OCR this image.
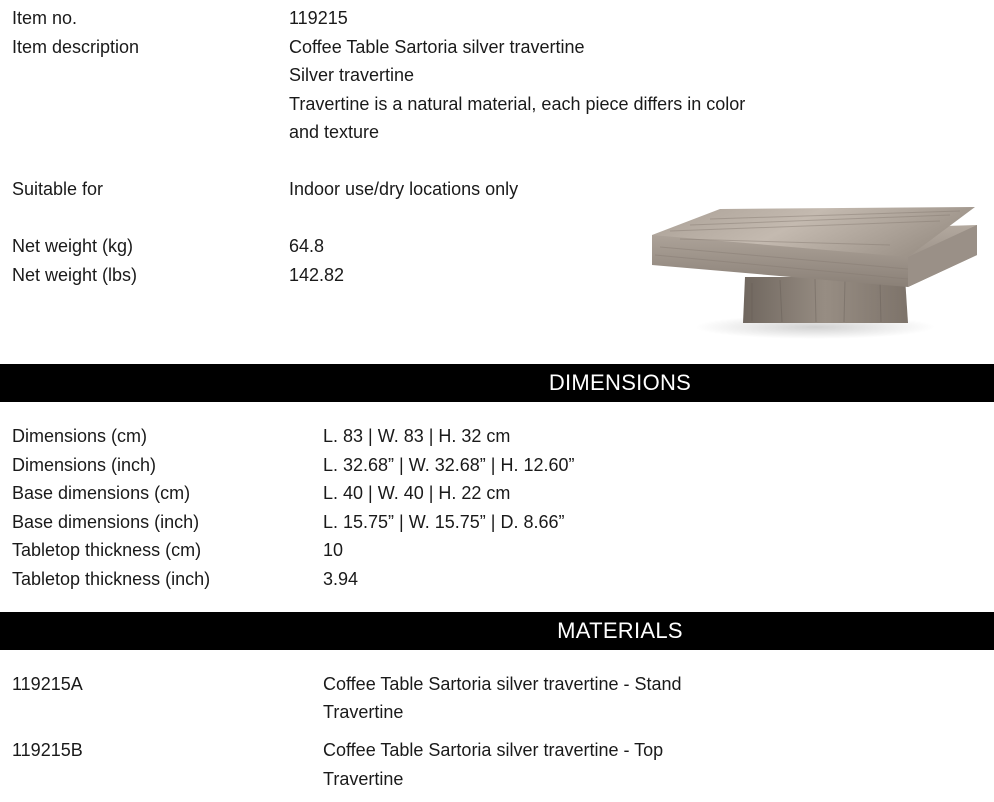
Item no.	119215
Item description	Coffee Table Sartoria silver travertine
Silver travertine
Travertine is a natural material, each piece differs in color
and texture
Suitable for	Indoor use/dry locations only
Net weight (kg)	64.8
Net weight (lbs)	142.82
DIMENSIONS
Dimensions (cm)	L. 83 | W. 83 | H. 32 cm
Dimensions (inch)	L. 32.68” | W. 32.68” | H. 12.60”
Base dimensions (cm)	L. 40 | W. 40 | H. 22 cm
Base dimensions (inch)	L. 15.75” | W. 15.75” | D. 8.66”
Tabletop thickness (cm)	10
Tabletop thickness (inch)	3.94
MATERIALS
119215A	Coffee Table Sartoria silver travertine - Stand
Travertine
119215B	Coffee Table Sartoria silver travertine - Top
Travertine
